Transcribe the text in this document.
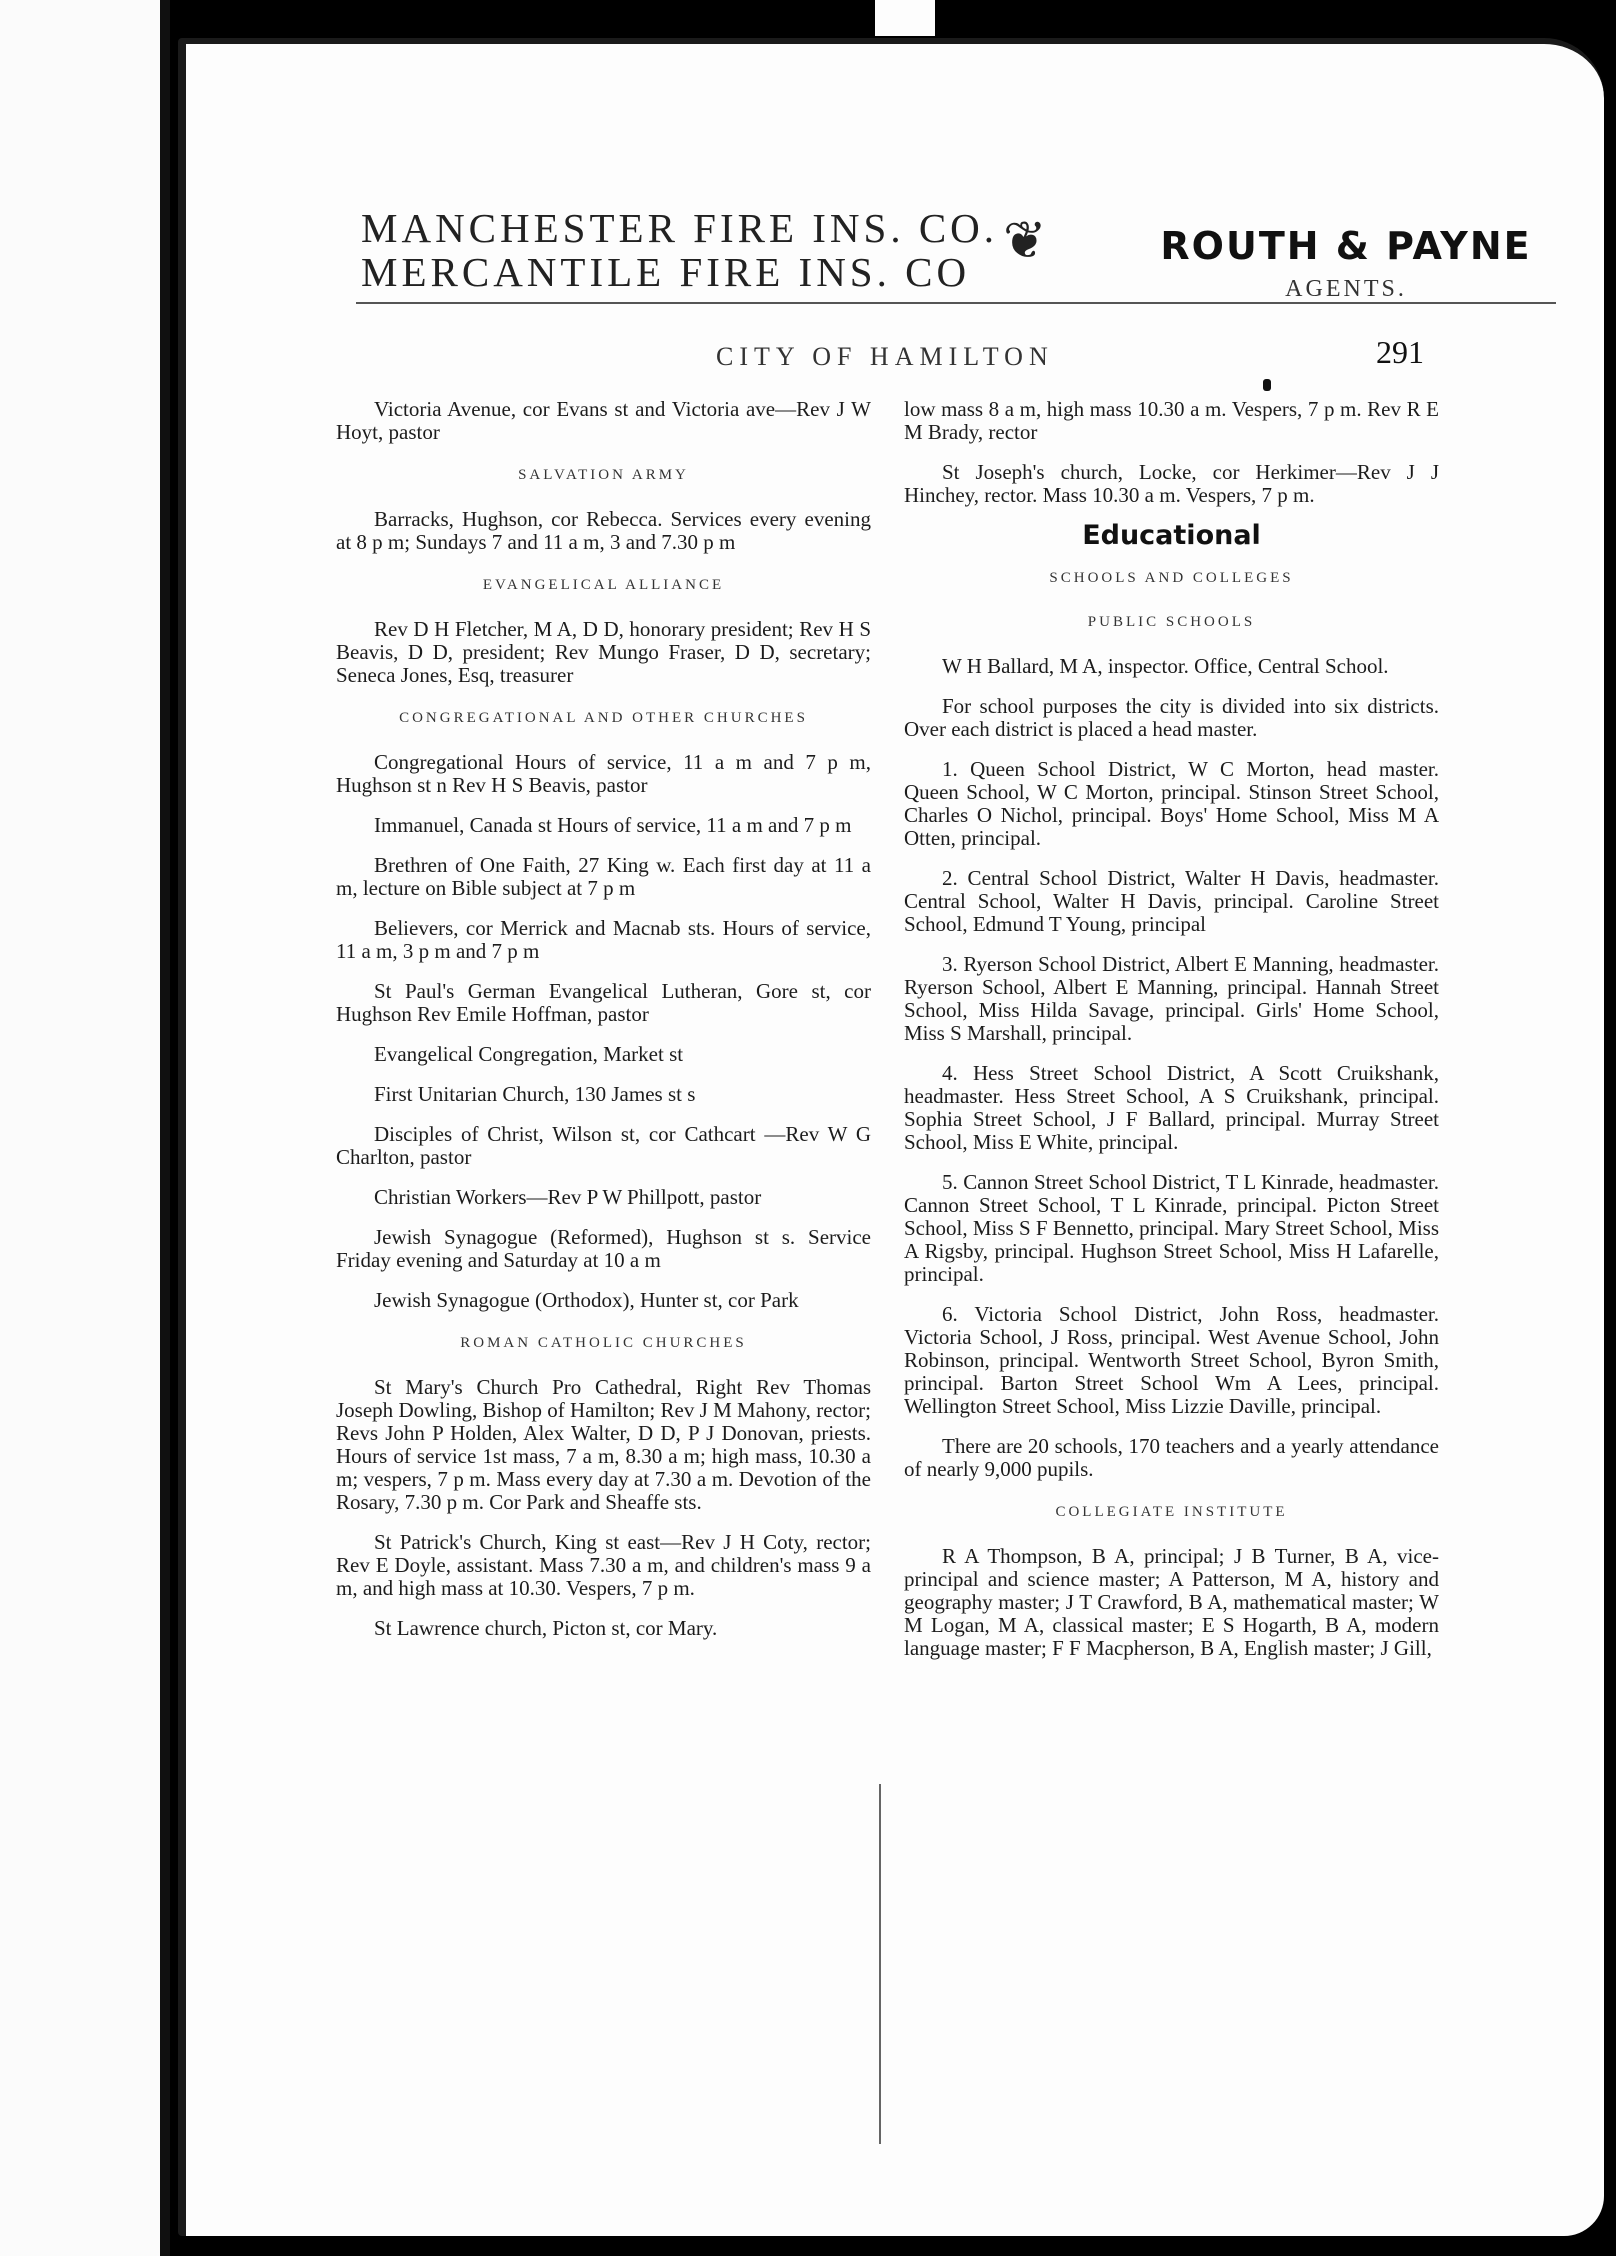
MANCHESTER FIRE INS. CO.
MERCANTILE FIRE INS. CO
❦	ROUTH & PAYNE
AGENTS.
CITY OF HAMILTON	291
Victoria Avenue, cor Evans st and Victoria ave—Rev J W Hoyt, pastor
SALVATION ARMY
Barracks, Hughson, cor Rebecca. Services every evening at 8 p m; Sundays 7 and 11 a m, 3 and 7.30 p m
EVANGELICAL ALLIANCE
Rev D H Fletcher, M A, D D, honorary president; Rev H S Beavis, D D, president; Rev Mungo Fraser, D D, secretary; Seneca Jones, Esq, treasurer
CONGREGATIONAL AND OTHER CHURCHES
Congregational Hours of service, 11 a m and 7 p m, Hughson st n Rev H S Beavis, pastor
Immanuel, Canada st Hours of service, 11 a m and 7 p m
Brethren of One Faith, 27 King w. Each first day at 11 a m, lecture on Bible subject at 7 p m
Believers, cor Merrick and Macnab sts. Hours of service, 11 a m, 3 p m and 7 p m
St Paul's German Evangelical Lutheran, Gore st, cor Hughson Rev Emile Hoffman, pastor
Evangelical Congregation, Market st
First Unitarian Church, 130 James st s
Disciples of Christ, Wilson st, cor Cathcart —Rev W G Charlton, pastor
Christian Workers—Rev P W Phillpott, pastor
Jewish Synagogue (Reformed), Hughson st s. Service Friday evening and Saturday at 10 a m
Jewish Synagogue (Orthodox), Hunter st, cor Park
ROMAN CATHOLIC CHURCHES
St Mary's Church Pro Cathedral, Right Rev Thomas Joseph Dowling, Bishop of Hamilton; Rev J M Mahony, rector; Revs John P Holden, Alex Walter, D D, P J Donovan, priests. Hours of service 1st mass, 7 a m, 8.30 a m; high mass, 10.30 a m; vespers, 7 p m. Mass every day at 7.30 a m. Devotion of the Rosary, 7.30 p m. Cor Park and Sheaffe sts.
St Patrick's Church, King st east—Rev J H Coty, rector; Rev E Doyle, assistant. Mass 7.30 a m, and children's mass 9 a m, and high mass at 10.30. Vespers, 7 p m.
St Lawrence church, Picton st, cor Mary.
low mass 8 a m, high mass 10.30 a m. Vespers, 7 p m. Rev R E M Brady, rector
St Joseph's church, Locke, cor Herkimer—Rev J J Hinchey, rector. Mass 10.30 a m. Vespers, 7 p m.
Educational
SCHOOLS AND COLLEGES
PUBLIC SCHOOLS
W H Ballard, M A, inspector. Office, Central School.
For school purposes the city is divided into six districts. Over each district is placed a head master.
1. Queen School District, W C Morton, head master. Queen School, W C Morton, principal. Stinson Street School, Charles O Nichol, principal. Boys' Home School, Miss M A Otten, principal.
2. Central School District, Walter H Davis, headmaster. Central School, Walter H Davis, principal. Caroline Street School, Edmund T Young, principal
3. Ryerson School District, Albert E Manning, headmaster. Ryerson School, Albert E Manning, principal. Hannah Street School, Miss Hilda Savage, principal. Girls' Home School, Miss S Marshall, principal.
4. Hess Street School District, A Scott Cruikshank, headmaster. Hess Street School, A S Cruikshank, principal. Sophia Street School, J F Ballard, principal. Murray Street School, Miss E White, principal.
5. Cannon Street School District, T L Kinrade, headmaster. Cannon Street School, T L Kinrade, principal. Picton Street School, Miss S F Bennetto, principal. Mary Street School, Miss A Rigsby, principal. Hughson Street School, Miss H Lafarelle, principal.
6. Victoria School District, John Ross, headmaster. Victoria School, J Ross, principal. West Avenue School, John Robinson, principal. Wentworth Street School, Byron Smith, principal. Barton Street School Wm A Lees, principal. Wellington Street School, Miss Lizzie Daville, principal.
There are 20 schools, 170 teachers and a yearly attendance of nearly 9,000 pupils.
COLLEGIATE INSTITUTE
R A Thompson, B A, principal; J B Turner, B A, vice-principal and science master; A Patterson, M A, history and geography master; J T Crawford, B A, mathematical master; W M Logan, M A, classical master; E S Hogarth, B A, modern language master; F F Macpherson, B A, English master; J Gill,
